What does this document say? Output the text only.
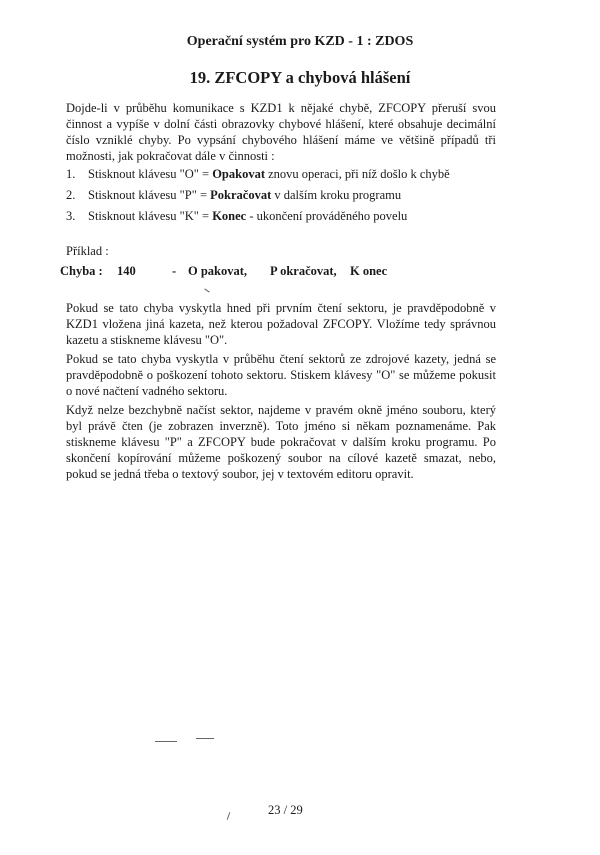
Operační systém pro KZD - 1 : ZDOS
19. ZFCOPY a chybová hlášení

Dojde-li v průběhu komunikace s KZD1 k nějaké chybě, ZFCOPY přeruší svou činnost a vypíše v dolní části obrazovky chybové hlášení, které obsahuje decimální číslo vzniklé chyby. Po vypsání chybového hlášení máme ve většině případů tři možnosti, jak pokračovat dále v činnosti :

1.	Stisknout klávesu "O" = Opakovat znovu operaci, při níž došlo k chybě
2.	Stisknout klávesu "P" = Pokračovat v dalším kroku programu
3.	Stisknout klávesu "K" = Konec - ukončení prováděného povelu
Příklad :
Chyba : 140	- O pakovat, P okračovat, K onec

Pokud se tato chyba vyskytla hned při prvním čtení sektoru, je pravděpodobně v KZD1 vložena jiná kazeta, než kterou požadoval ZFCOPY. Vložíme tedy správnou kazetu a stiskneme klávesu "O".

Pokud se tato chyba vyskytla v průběhu čtení sektorů ze zdrojové kazety, jedná se pravděpodobně o poškození tohoto sektoru. Stiskem klávesy "O" se můžeme pokusit o nové načtení vadného sektoru.

Když nelze bezchybně načíst sektor, najdeme v pravém okně jméno souboru, který byl právě čten (je zobrazen inverzně). Toto jméno si někam poznamenáme. Pak stiskneme klávesu "P" a ZFCOPY bude pokračovat v dalším kroku programu. Po skončení kopírování můžeme poškozený soubor na cílové kazetě smazat, nebo, pokud se jedná třeba o textový soubor, jej v textovém editoru opravit.

23 / 29
